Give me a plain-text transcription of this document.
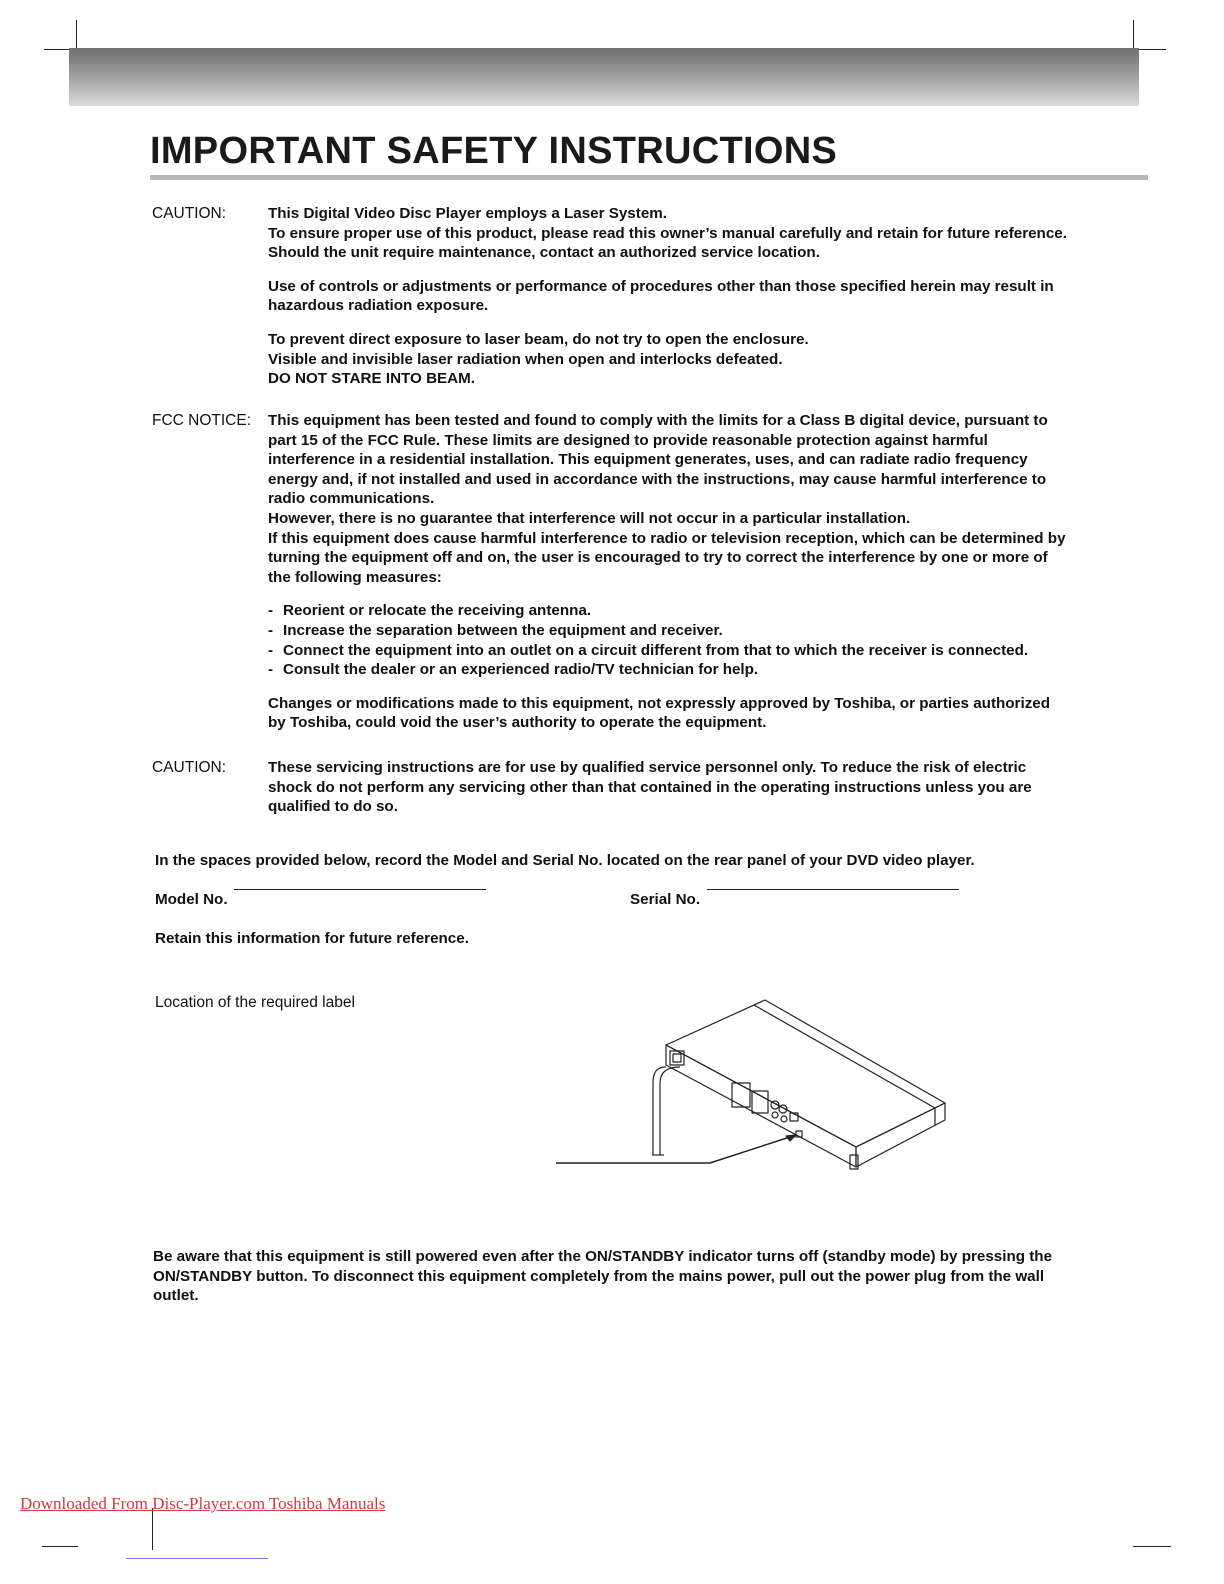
IMPORTANT SAFETY INSTRUCTIONS
CAUTION:	This Digital Video Disc Player employs a Laser System.

To ensure proper use of this product, please read this owner’s manual carefully and retain for future reference. Should the unit require maintenance, contact an authorized service location.

Use of controls or adjustments or performance of procedures other than those specified herein may result in hazardous radiation exposure.

To prevent direct exposure to laser beam, do not try to open the enclosure.

Visible and invisible laser radiation when open and interlocks defeated.

DO NOT STARE INTO BEAM.

FCC NOTICE: This equipment has been tested and found to comply with the limits for a Class B digital device, pursuant to part 15 of the FCC Rule. These limits are designed to provide reasonable protection against harmful interference in a residential installation. This equipment generates, uses, and can radiate radio frequency energy and, if not installed and used in accordance with the instructions, may cause harmful interference to radio communications.

However, there is no guarantee that interference will not occur in a particular installation.

If this equipment does cause harmful interference to radio or television reception, which can be determined by turning the equipment off and on, the user is encouraged to try to correct the interference by one or more of the following measures:

- Reorient or relocate the receiving antenna.
- Increase the separation between the equipment and receiver.
- Connect the equipment into an outlet on a circuit different from that to which the receiver is connected.
- Consult the dealer or an experienced radio/TV technician for help.

Changes or modifications made to this equipment, not expressly approved by Toshiba, or parties authorized by Toshiba, could void the user’s authority to operate the equipment.

CAUTION:	These servicing instructions are for use by qualified service personnel only. To reduce the risk of electric shock do not perform any servicing other than that contained in the operating instructions unless you are qualified to do so.

In the spaces provided below, record the Model and Serial No. located on the rear panel of your DVD video player.
Model No.	Serial No.
Retain this information for future reference.
Location of the required label
Be aware that this equipment is still powered even after the ON/STANDBY indicator turns off (standby mode) by pressing the ON/STANDBY button. To disconnect this equipment completely from the mains power, pull out the power plug from the wall outlet.
Downloaded From Disc-Player.com Toshiba Manuals
